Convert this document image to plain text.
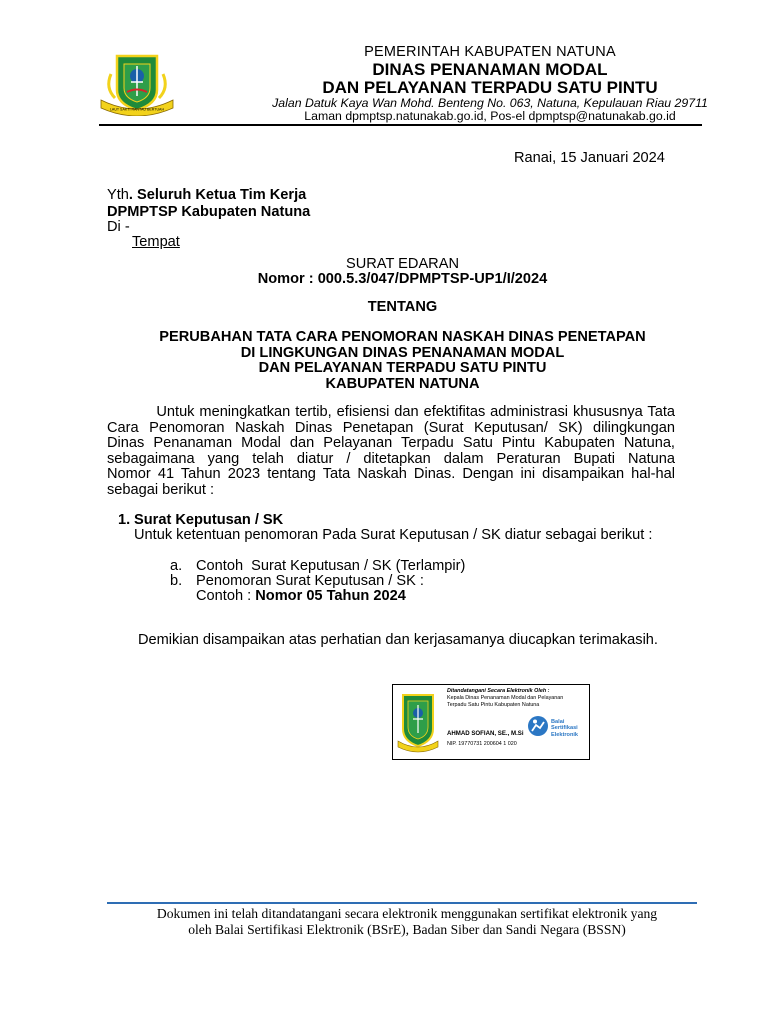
LAUT SAKTI RANTAU BERTUAH
PEMERINTAH KABUPATEN NATUNA
DINAS PENANAMAN MODAL
DAN PELAYANAN TERPADU SATU PINTU
Jalan Datuk Kaya Wan Mohd. Benteng No. 063, Natuna, Kepulauan Riau 29711
Laman dpmptsp.natunakab.go.id, Pos-el dpmptsp@natunakab.go.id
Ranai, 15 Januari 2024
Yth. Seluruh Ketua Tim Kerja
DPMPTSP Kabupaten Natuna
Di -
Tempat
SURAT EDARAN
Nomor : 000.5.3/047/DPMPTSP-UP1/I/2024
TENTANG
PERUBAHAN TATA CARA PENOMORAN NASKAH DINAS PENETAPAN
DI LINGKUNGAN DINAS PENANAMAN MODAL
DAN PELAYANAN TERPADU SATU PINTU
KABUPATEN NATUNA
Untuk meningkatkan tertib, efisiensi dan efektifitas administrasi khususnya Tata
Cara Penomoran Naskah Dinas Penetapan (Surat Keputusan/ SK) dilingkungan
Dinas Penanaman Modal dan Pelayanan Terpadu Satu Pintu Kabupaten Natuna,
sebagaimana yang telah diatur / ditetapkan dalam Peraturan Bupati Natuna
Nomor 41 Tahun 2023 tentang Tata Naskah Dinas. Dengan ini disampaikan hal-hal
sebagai berikut :
1. Surat Keputusan / SK
Untuk ketentuan penomoran Pada Surat Keputusan / SK diatur sebagai berikut :
a. Contoh  Surat Keputusan / SK (Terlampir)
b. Penomoran Surat Keputusan / SK :
Contoh : Nomor 05 Tahun 2024
Demikian disampaikan atas perhatian dan kerjasamanya diucapkan terimakasih.
Ditandatangani Secara Elektronik Oleh :
Kepala Dinas Penanaman Modal dan Pelayanan
Terpadu Satu Pintu Kabupaten Natuna
AHMAD SOFIAN, SE., M.Si
NIP. 19770731 200604 1 020
Balai
Sertifikasi
Elektronik
Dokumen ini telah ditandatangani secara elektronik menggunakan sertifikat elektronik yang
oleh Balai Sertifikasi Elektronik (BSrE), Badan Siber dan Sandi Negara (BSSN)
